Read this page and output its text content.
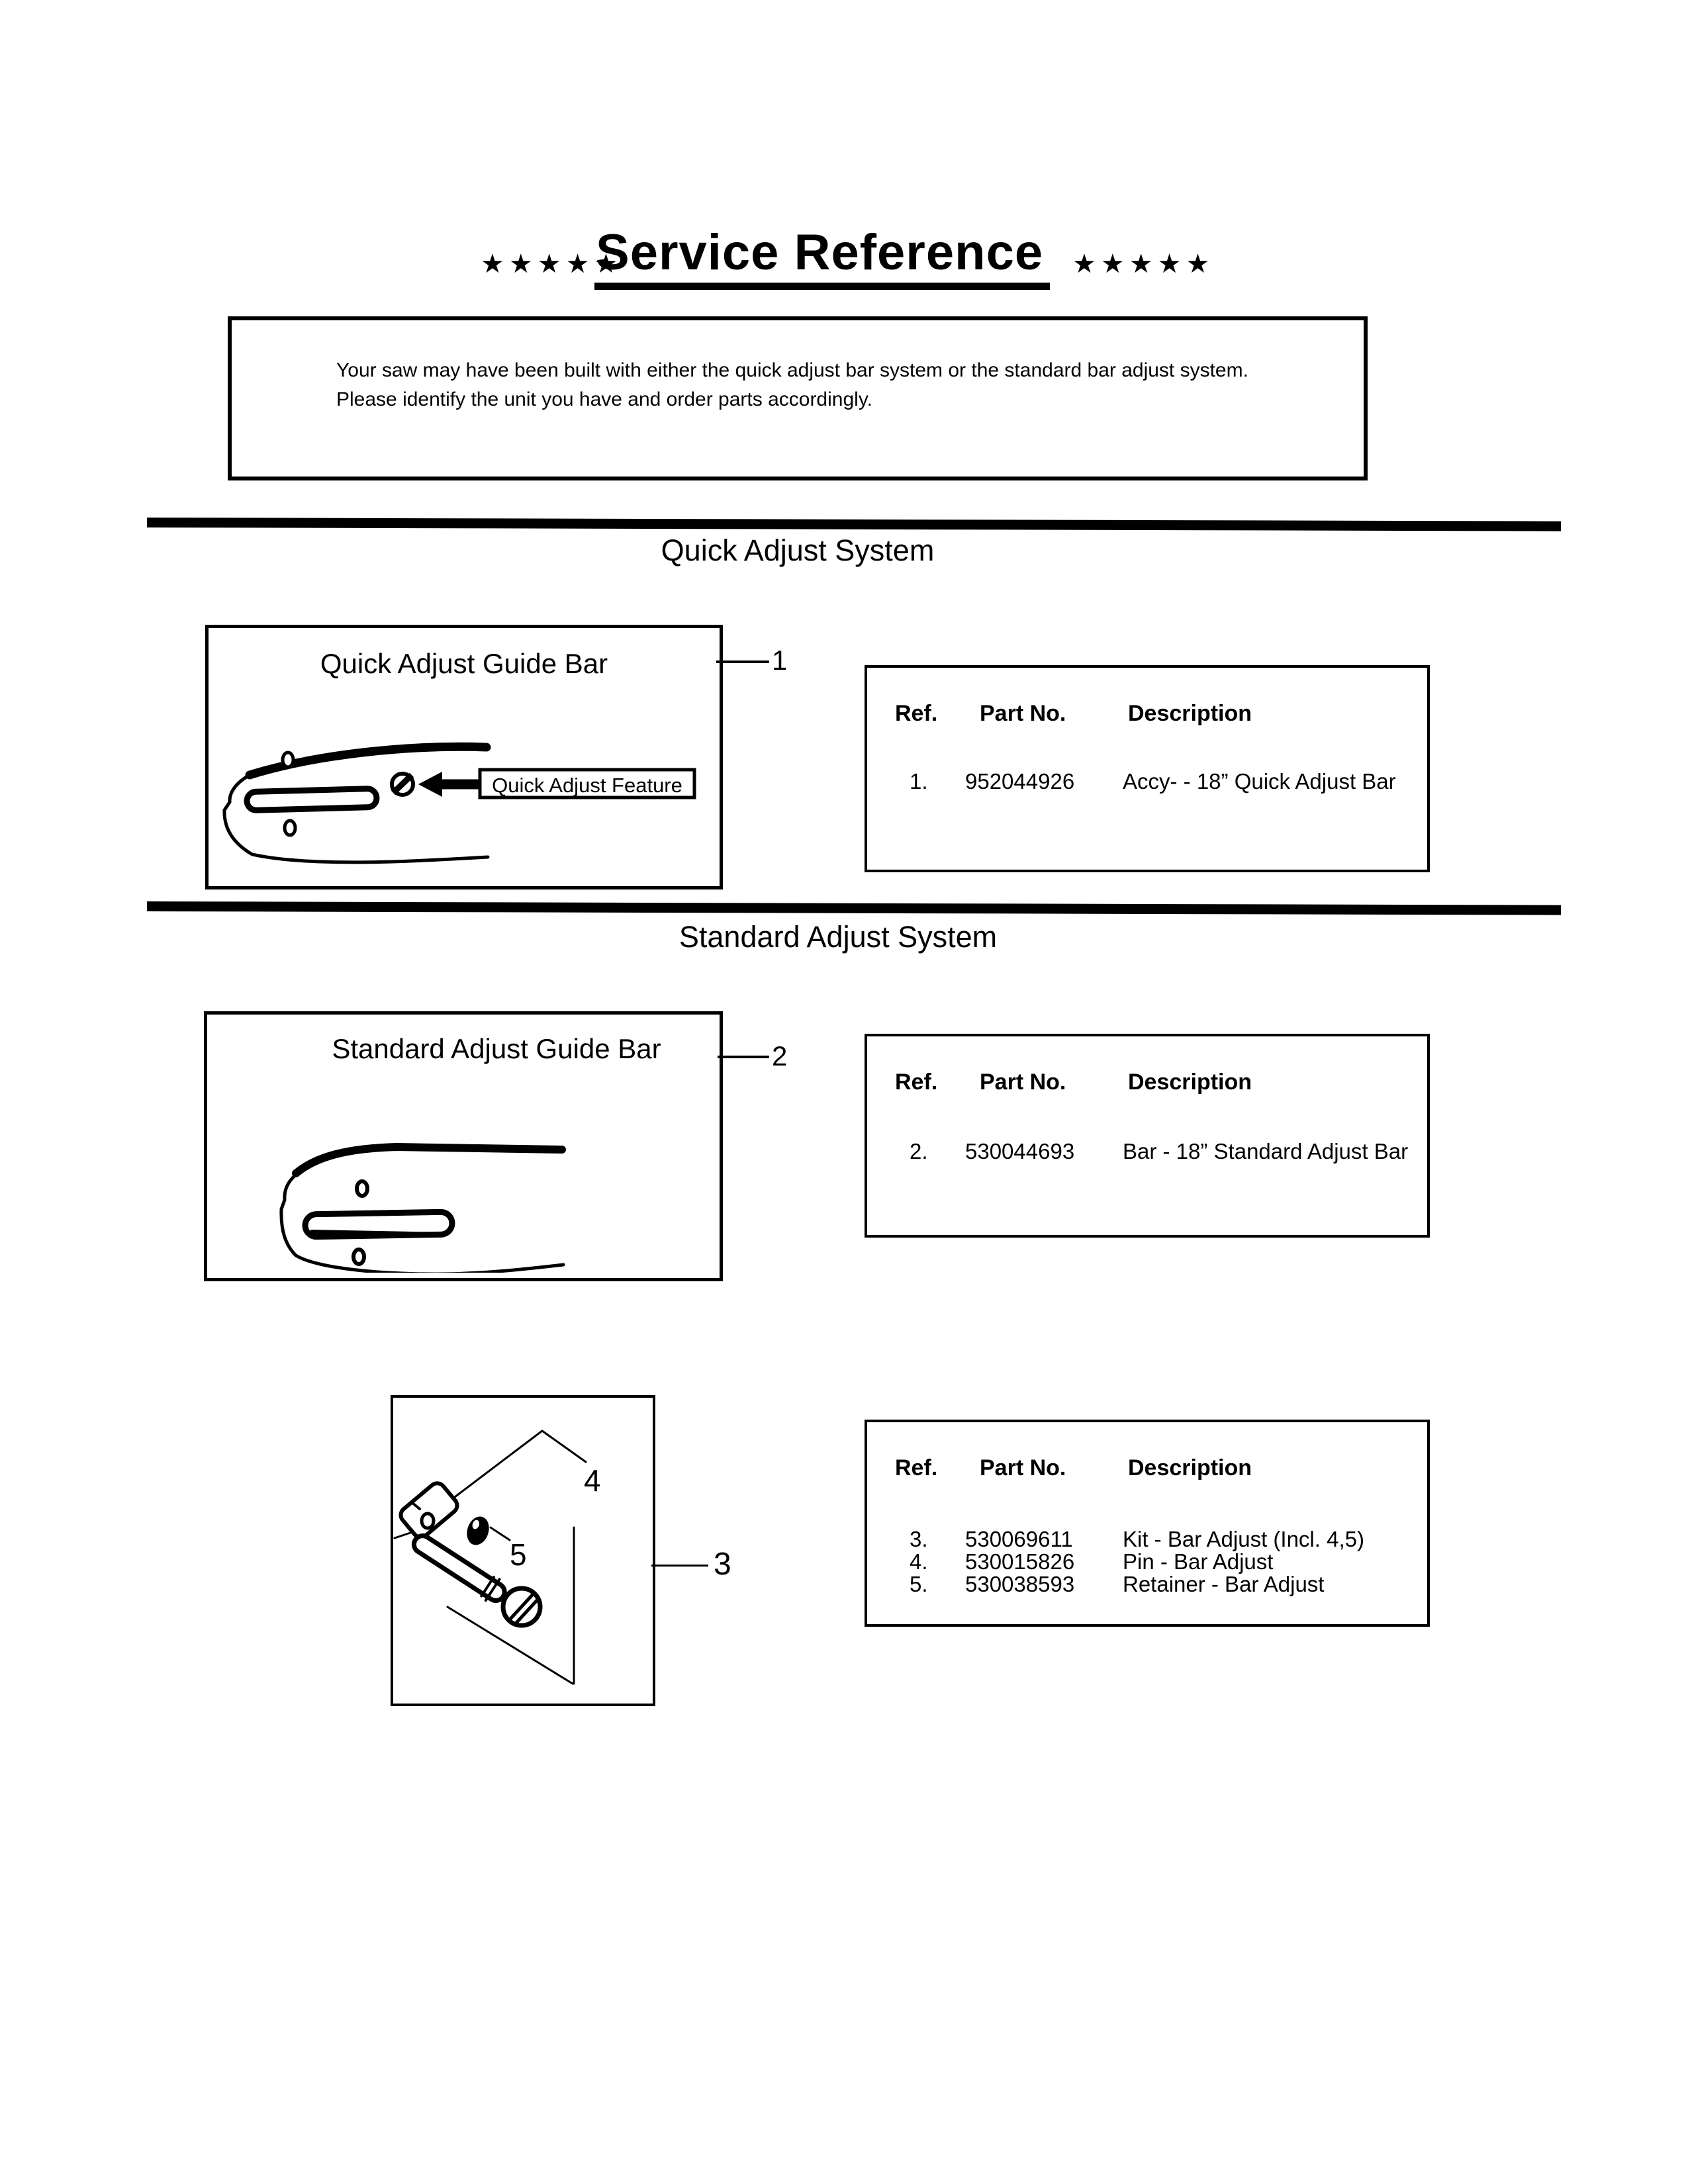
★★★★★
Service Reference ★★★★★
Your saw may have been built with either the quick adjust bar system or the standard bar adjust system.
Please identify the unit you have and order parts accordingly.
Quick Adjust System
Quick Adjust Guide Bar
Quick Adjust Feature
1
Ref. Part No.	Description
1. 952044926 Accy- - 18” Quick Adjust Bar
Standard Adjust System
Standard Adjust Guide Bar	2
Ref. Part No.	Description
2. 530044693 Bar - 18” Standard Adjust Bar
4
5	3
Ref. Part No.	Description
3. 530069611 Kit - Bar Adjust (Incl. 4,5)
4. 530015826 Pin - Bar Adjust
5. 530038593 Retainer - Bar Adjust
